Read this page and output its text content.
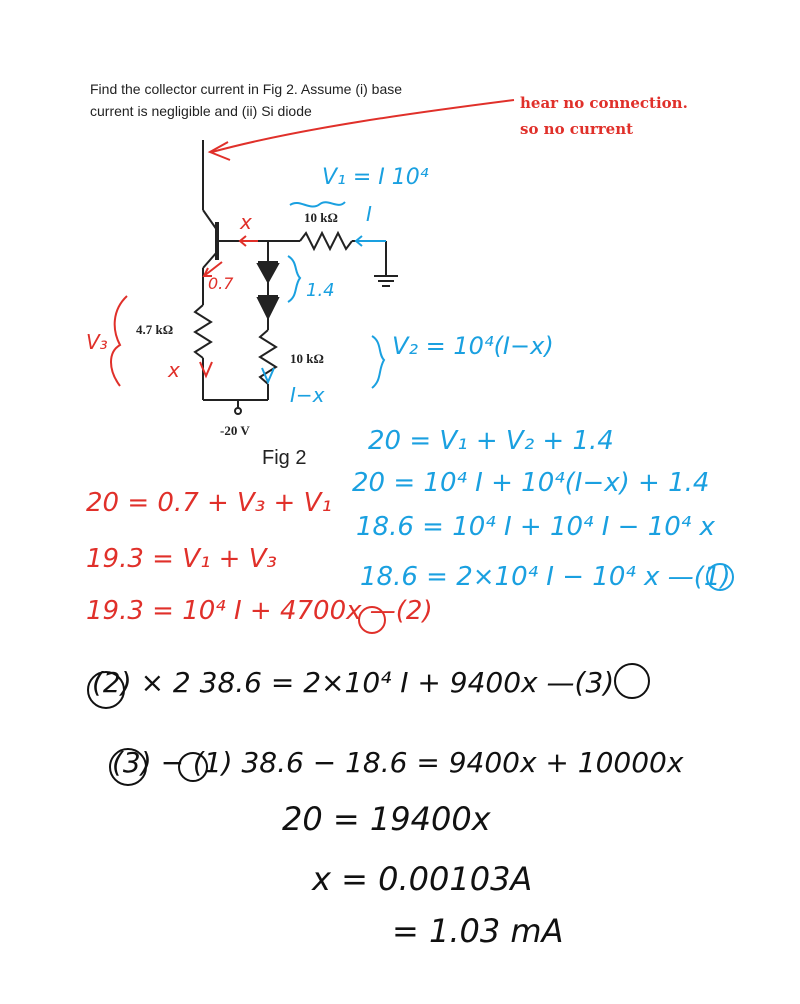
Find the collector current in Fig 2. Assume (i) base
current is negligible and (ii) Si diode	hear no connection.
so no current
10 kΩ
4.7 kΩ
10 kΩ
-20 V
Fig 2
V₁ = I 10⁴
I
x
0.7	1.4
V₃
x
V₂ = 10⁴(I−x)
I−x
20 = V₁ + V₂ + 1.4
20 = 10⁴ I + 10⁴(I−x) + 1.4
18.6 = 10⁴ I + 10⁴ I − 10⁴ x
18.6 = 2×10⁴ I − 10⁴ x —(1)
20 = 0.7 + V₃ + V₁
19.3 = V₁ + V₃
19.3 = 10⁴ I + 4700x —(2)
(2) × 2 38.6 = 2×10⁴ I + 9400x —(3)
(3) − (1) 38.6 − 18.6 = 9400x + 10000x
20 = 19400x
x = 0.00103A
= 1.03 mA
